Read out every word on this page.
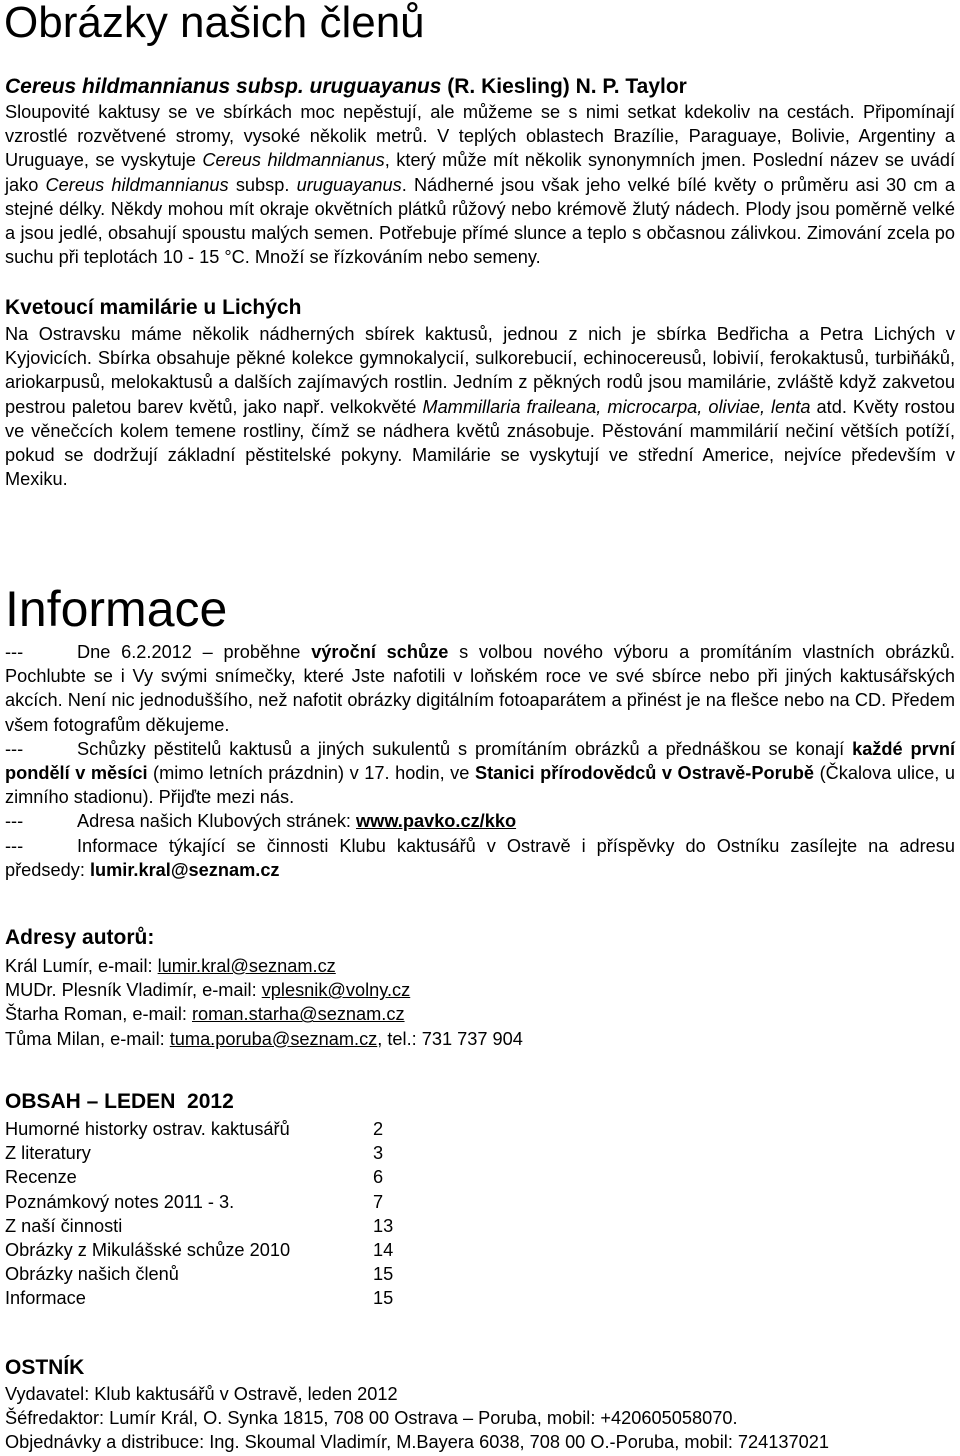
Obrázky našich členů
Cereus hildmannianus subsp. uruguayanus (R. Kiesling) N. P. Taylor

Sloupovité kaktusy se ve sbírkách moc nepěstují, ale můžeme se s nimi setkat kdekoliv na cestách. Připomínají vzrostlé rozvětvené stromy, vysoké několik metrů. V teplých oblastech Brazílie, Paraguaye, Bolivie, Argentiny a Uruguaye, se vyskytuje Cereus hildmannianus, který může mít několik synonymních jmen. Poslední název se uvádí jako Cereus hildmannianus subsp. uruguayanus. Nádherné jsou však jeho velké bílé květy o průměru asi 30 cm a stejné délky. Někdy mohou mít okraje okvětních plátků růžový nebo krémově žlutý nádech. Plody jsou poměrně velké a jsou jedlé, obsahují spoustu malých semen. Potřebuje přímé slunce a teplo s občasnou zálivkou. Zimování zcela po suchu při teplotách 10 - 15 °C. Množí se řízkováním nebo semeny.

Kvetoucí mamilárie u Lichých

Na Ostravsku máme několik nádherných sbírek kaktusů, jednou z nich je sbírka Bedřicha a Petra Lichých v Kyjovicích. Sbírka obsahuje pěkné kolekce gymnokalycií, sulkorebucií, echinocereusů, lobivií, ferokaktusů, turbiňáků, ariokarpusů, melokaktusů a dalších zajímavých rostlin. Jedním z pěkných rodů jsou mamilárie, zvláště když zakvetou pestrou paletou barev květů, jako např. velkokvěté Mammillaria fraileana, microcarpa, oliviae, lenta atd. Květy rostou ve věnečcích kolem temene rostliny, čímž se nádhera květů znásobuje. Pěstování mammilárií nečiní větších potíží, pokud se dodržují základní pěstitelské pokyny. Mamilárie se vyskytují ve střední Americe, nejvíce především v Mexiku.

Informace

---	Dne 6.2.2012 – proběhne výroční schůze s volbou nového výboru a promítáním vlastních obrázků. Pochlubte se i Vy svými snímečky, které Jste nafotili v loňském roce ve své sbírce nebo při jiných kaktusářských akcích. Není nic jednoduššího, než nafotit obrázky digitálním fotoaparátem a přinést je na flešce nebo na CD. Předem všem fotografům děkujeme.

---	Schůzky pěstitelů kaktusů a jiných sukulentů s promítáním obrázků a přednáškou se konají každé první pondělí v měsíci (mimo letních prázdnin) v 17. hodin, ve Stanici přírodovědců v Ostravě-Porubě (Čkalova ulice, u zimního stadionu). Přijďte mezi nás.

---	Adresa našich Klubových stránek: www.pavko.cz/kko

---	Informace týkající se činnosti Klubu kaktusářů v Ostravě i příspěvky do Ostníku zasílejte na adresu předsedy: lumir.kral@seznam.cz

Adresy autorů:
Král Lumír, e-mail: lumir.kral@seznam.cz
MUDr. Plesník Vladimír, e-mail: vplesnik@volny.cz
Štarha Roman, e-mail: roman.starha@seznam.cz
Tůma Milan, e-mail: tuma.poruba@seznam.cz, tel.: 731 737 904
OBSAH – LEDEN  2012
Humorné historky ostrav. kaktusářů	2
Z literatury	3
Recenze	6
Poznámkový notes 2011 - 3.	7
Z naší činnosti	13
Obrázky z Mikulášské schůze 2010	14
Obrázky našich členů	15
Informace	15
OSTNÍK
Vydavatel: Klub kaktusářů v Ostravě, leden 2012
Šéfredaktor: Lumír Král, O. Synka 1815, 708 00 Ostrava – Poruba, mobil: +420605058070.
Objednávky a distribuce: Ing. Skoumal Vladimír, M.Bayera 6038, 708 00 O.-Poruba, mobil: 724137021
